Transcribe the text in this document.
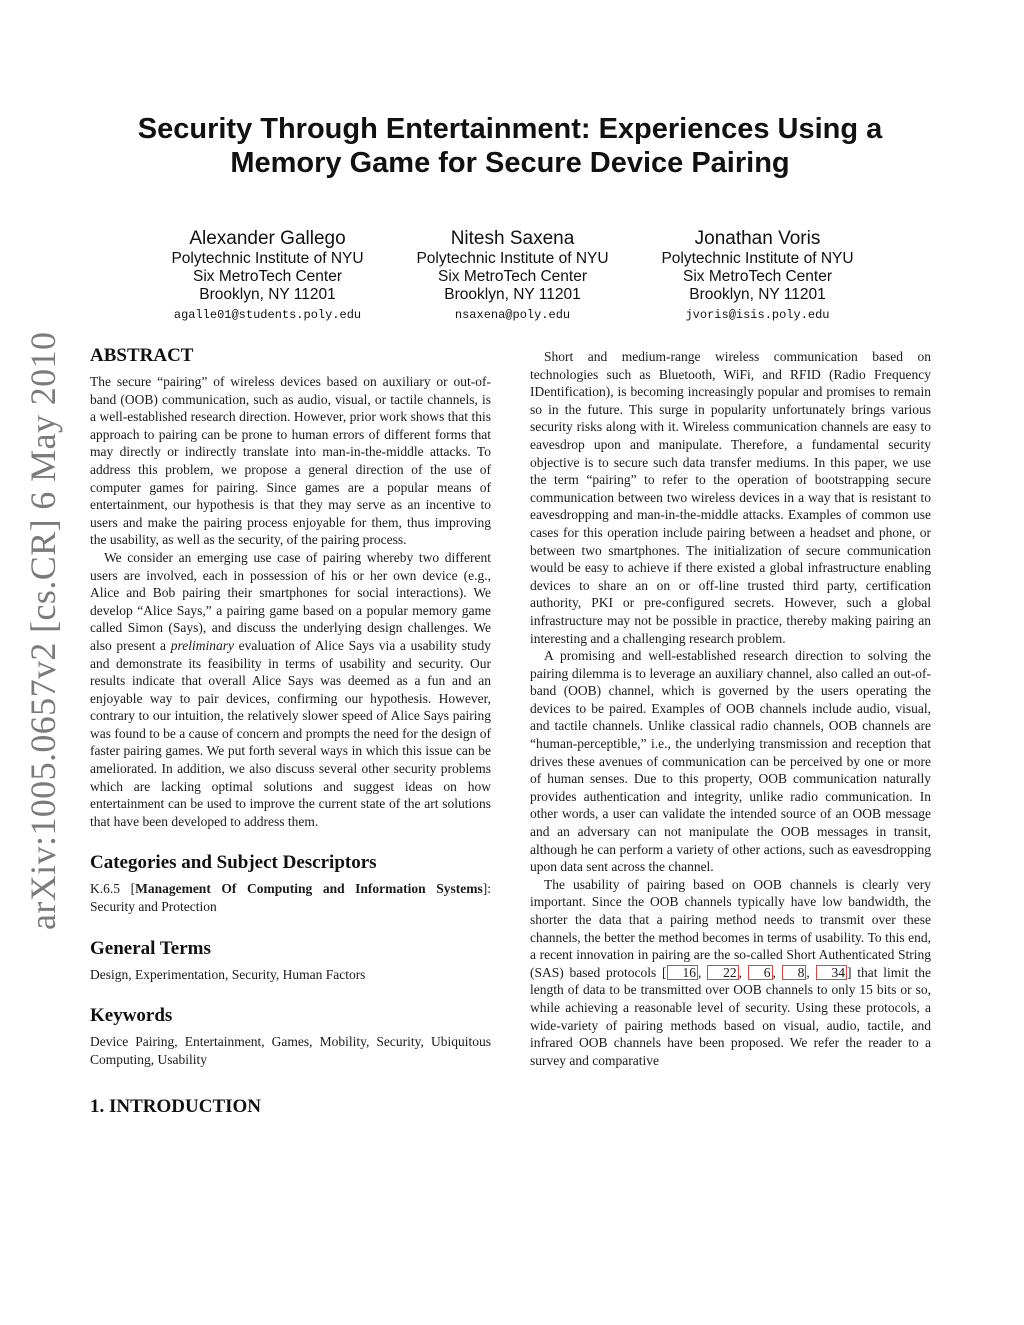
arXiv:1005.0657v2 [cs.CR] 6 May 2010
Security Through Entertainment: Experiences Using a
Memory Game for Secure Device Pairing
Alexander Gallego
Polytechnic Institute of NYU
Six MetroTech Center
Brooklyn, NY 11201
agalle01@students.poly.edu
Nitesh Saxena
Polytechnic Institute of NYU
Six MetroTech Center
Brooklyn, NY 11201
nsaxena@poly.edu
Jonathan Voris
Polytechnic Institute of NYU
Six MetroTech Center
Brooklyn, NY 11201
jvoris@isis.poly.edu
ABSTRACT

The secure “pairing” of wireless devices based on auxiliary or out-of-band (OOB) communication, such as audio, visual, or tactile channels, is a well-established research direction. However, prior work shows that this approach to pairing can be prone to human errors of different forms that may directly or indirectly translate into man-in-the-middle attacks. To address this problem, we propose a general direction of the use of computer games for pairing. Since games are a popular means of entertainment, our hypothesis is that they may serve as an incentive to users and make the pairing process enjoyable for them, thus improving the usability, as well as the security, of the pairing process.

We consider an emerging use case of pairing whereby two different users are involved, each in possession of his or her own device (e.g., Alice and Bob pairing their smartphones for social interactions). We develop “Alice Says,” a pairing game based on a popular memory game called Simon (Says), and discuss the underlying design challenges. We also present a preliminary evaluation of Alice Says via a usability study and demonstrate its feasibility in terms of usability and security. Our results indicate that overall Alice Says was deemed as a fun and an enjoyable way to pair devices, confirming our hypothesis. However, contrary to our intuition, the relatively slower speed of Alice Says pairing was found to be a cause of concern and prompts the need for the design of faster pairing games. We put forth several ways in which this issue can be ameliorated. In addition, we also discuss several other security problems which are lacking optimal solutions and suggest ideas on how entertainment can be used to improve the current state of the art solutions that have been developed to address them.

Categories and Subject Descriptors

K.6.5 [Management Of Computing and Information Systems]: Security and Protection

General Terms

Design, Experimentation, Security, Human Factors

Keywords

Device Pairing, Entertainment, Games, Mobility, Security, Ubiquitous Computing, Usability

1. INTRODUCTION

Short and medium-range wireless communication based on technologies such as Bluetooth, WiFi, and RFID (Radio Frequency IDentification), is becoming increasingly popular and promises to remain so in the future. This surge in popularity unfortunately brings various security risks along with it. Wireless communication channels are easy to eavesdrop upon and manipulate. Therefore, a fundamental security objective is to secure such data transfer mediums. In this paper, we use the term “pairing” to refer to the operation of bootstrapping secure communication between two wireless devices in a way that is resistant to eavesdropping and man-in-the-middle attacks. Examples of common use cases for this operation include pairing between a headset and phone, or between two smartphones. The initialization of secure communication would be easy to achieve if there existed a global infrastructure enabling devices to share an on or off-line trusted third party, certification authority, PKI or pre-configured secrets. However, such a global infrastructure may not be possible in practice, thereby making pairing an interesting and a challenging research problem.

A promising and well-established research direction to solving the pairing dilemma is to leverage an auxiliary channel, also called an out-of-band (OOB) channel, which is governed by the users operating the devices to be paired. Examples of OOB channels include audio, visual, and tactile channels. Unlike classical radio channels, OOB channels are “human-perceptible,” i.e., the underlying transmission and reception that drives these avenues of communication can be perceived by one or more of human senses. Due to this property, OOB communication naturally provides authentication and integrity, unlike radio communication. In other words, a user can validate the intended source of an OOB message and an adversary can not manipulate the OOB messages in transit, although he can perform a variety of other actions, such as eavesdropping upon data sent across the channel.

The usability of pairing based on OOB channels is clearly very important. Since the OOB channels typically have low bandwidth, the shorter the data that a pairing method needs to transmit over these channels, the better the method becomes in terms of usability. To this end, a recent innovation in pairing are the so-called Short Authenticated String (SAS) based protocols [ 16 , 22 , 6 , 8 , 34 ] that limit the length of data to be transmitted over OOB channels to only 15 bits or so, while achieving a reasonable level of security. Using these protocols, a wide-variety of pairing methods based on visual, audio, tactile, and infrared OOB channels have been proposed. We refer the reader to a survey and comparative
